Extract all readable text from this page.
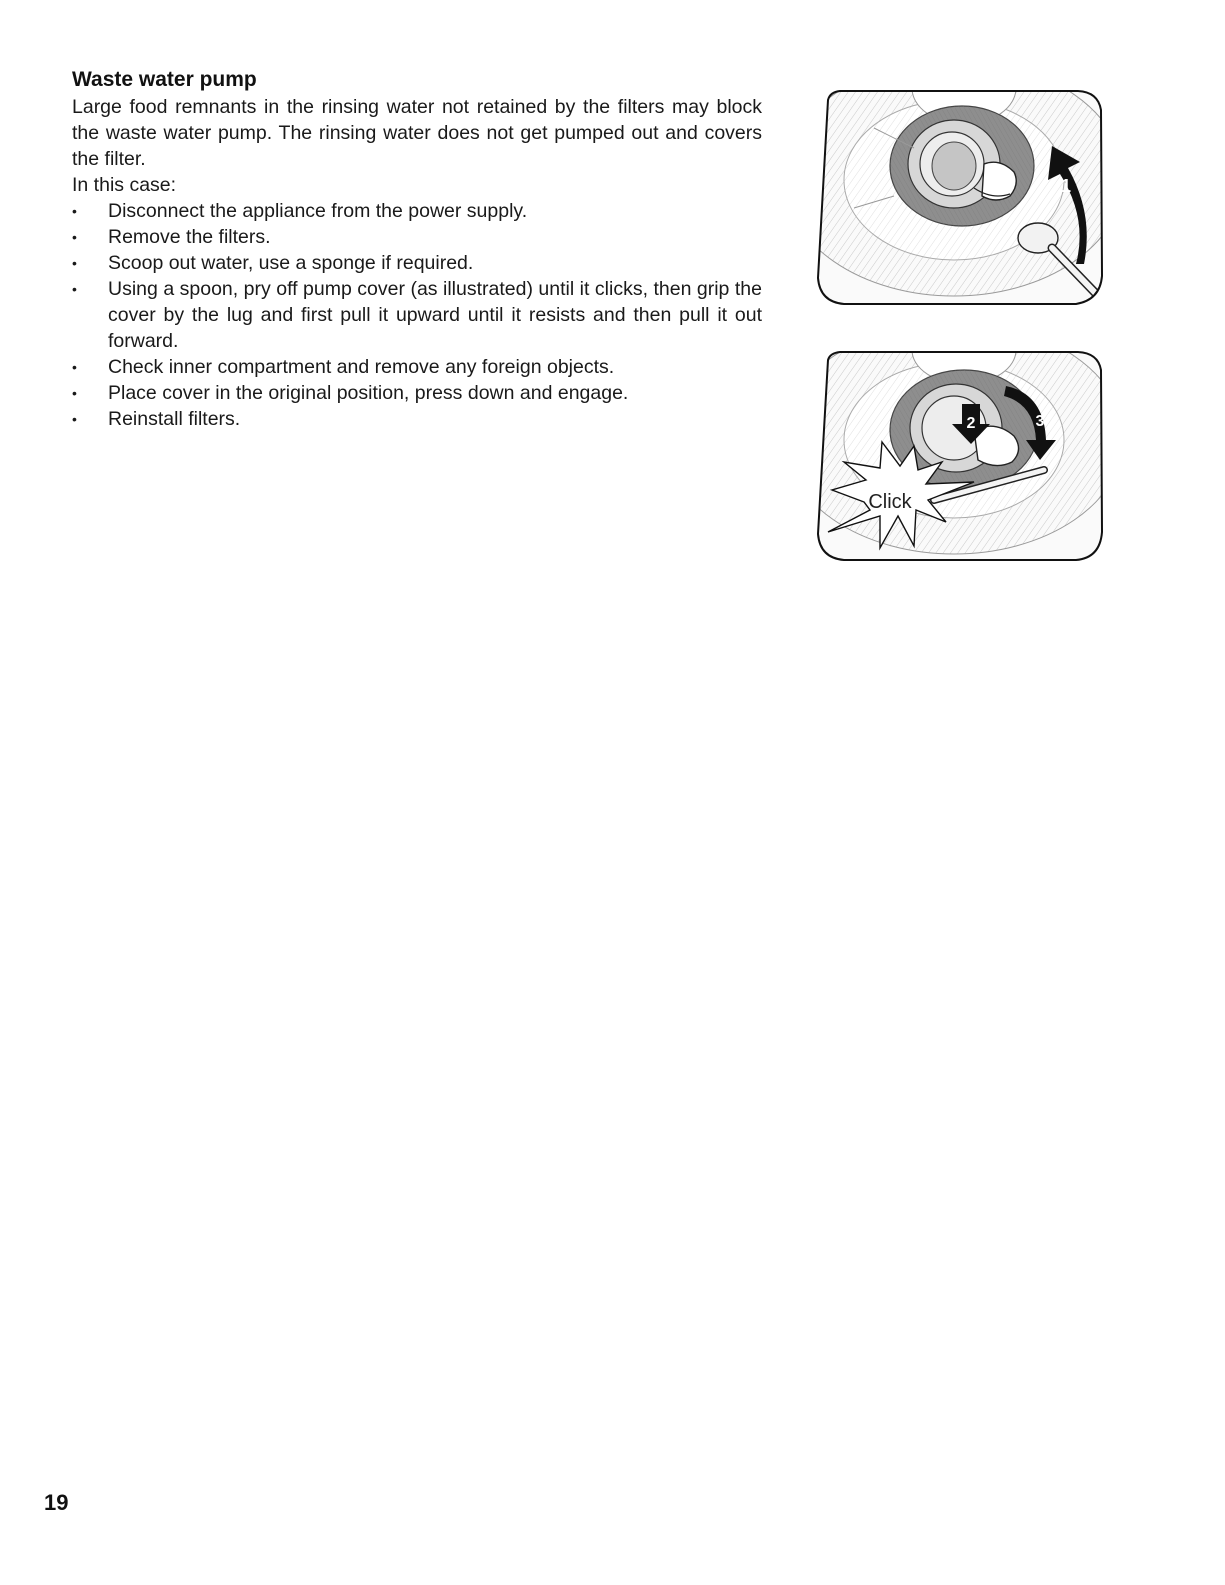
Waste water pump

Large food remnants in the rinsing water not retained by the filters may block the waste water pump. The rinsing water does not get pumped out and covers the filter.

In this case:

•	Disconnect the appliance from the power supply.
•	Remove the filters.
•	Scoop out water, use a sponge if required.
•	Using a spoon, pry off pump cover (as illustrated) until it clicks, then grip the cover by the lug and first pull it upward until it resists and then pull it out forward.
•	Check inner compartment and remove any foreign objects.
•	Place cover in the original position, press down and engage.
•	Reinstall filters.
1
2	3
Click
19
